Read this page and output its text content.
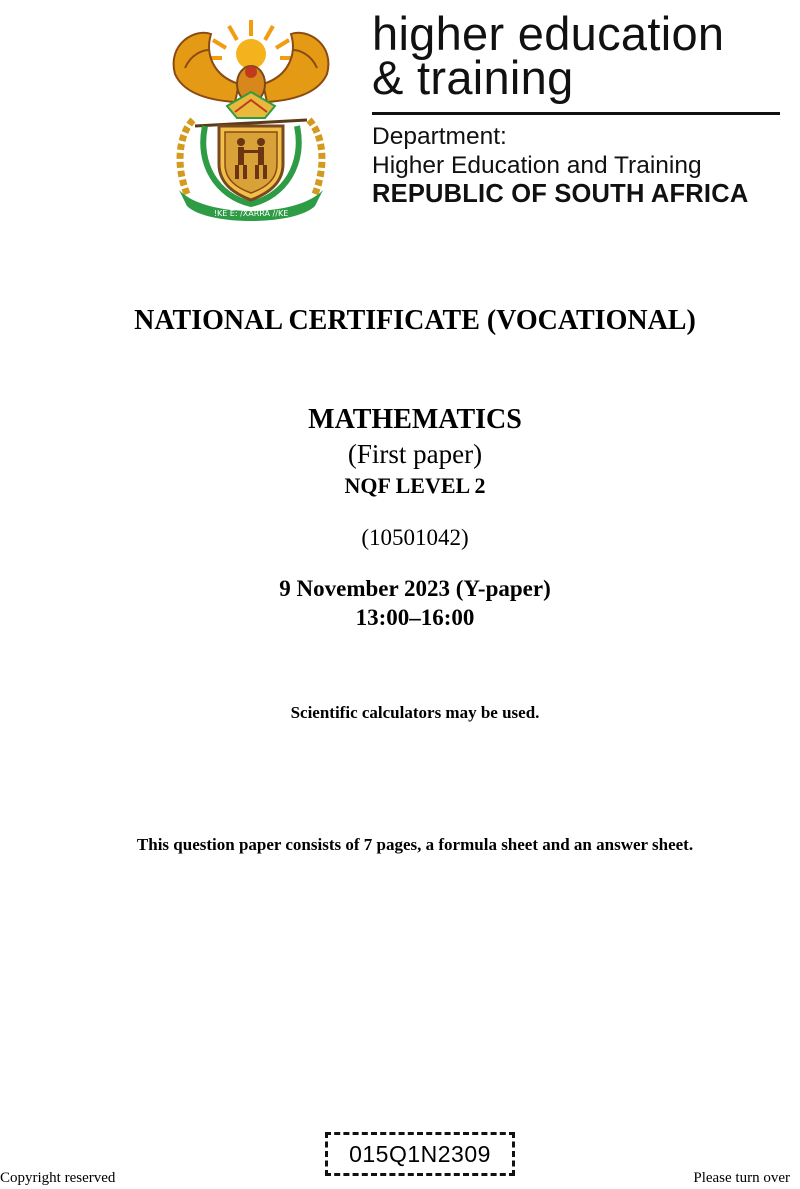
!KE E: /XARRA //KE
higher education
& training
Department:
Higher Education and Training
REPUBLIC OF SOUTH AFRICA
NATIONAL CERTIFICATE (VOCATIONAL)
MATHEMATICS
(First paper)
NQF LEVEL 2
(10501042)
9 November 2023 (Y-paper)
13:00–16:00
Scientific calculators may be used.
This question paper consists of 7 pages, a formula sheet and an answer sheet.
015Q1N2309
Copyright reserved	Please turn over
